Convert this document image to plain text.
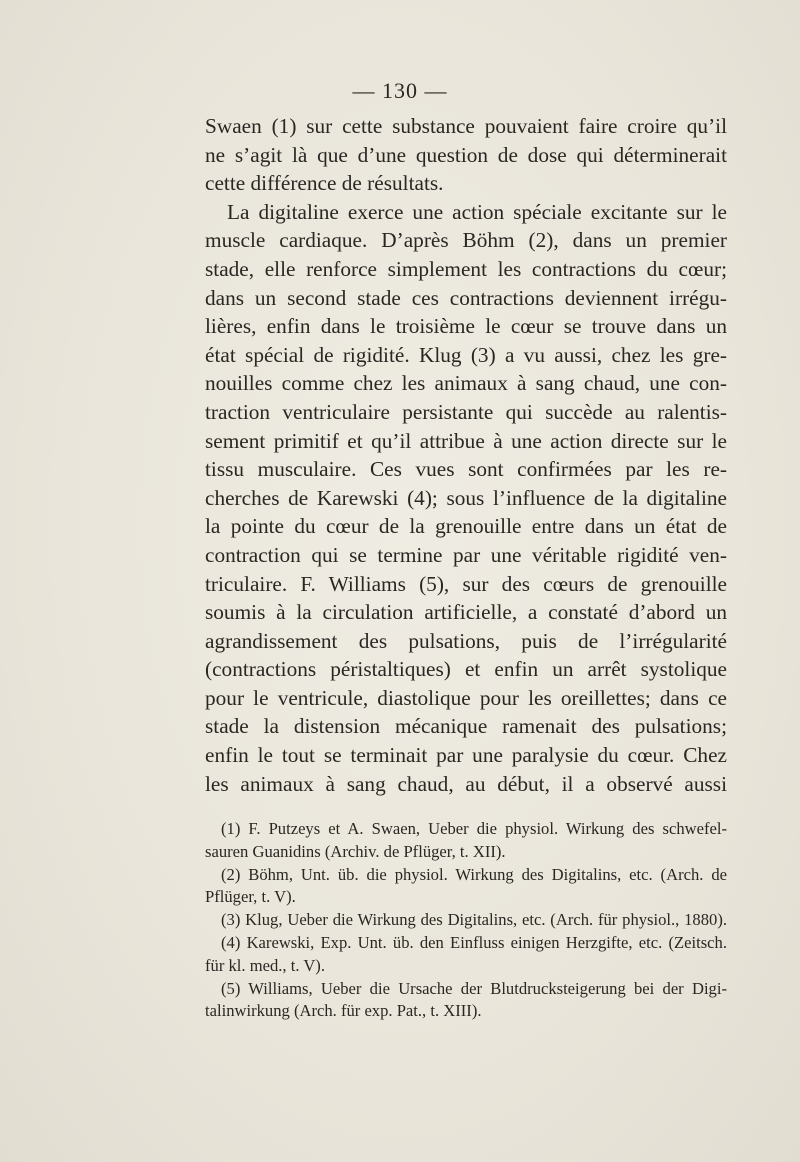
— 130 —
Swaen (1) sur cette substance pouvaient faire croire qu’il
ne s’agit là que d’une question de dose qui déterminerait
cette différence de résultats.
La digitaline exerce une action spéciale excitante sur le
muscle cardiaque. D’après Böhm (2), dans un premier
stade, elle renforce simplement les contractions du cœur;
dans un second stade ces contractions deviennent irrégu-
lières, enfin dans le troisième le cœur se trouve dans un
état spécial de rigidité. Klug (3) a vu aussi, chez les gre-
nouilles comme chez les animaux à sang chaud, une con-
traction ventriculaire persistante qui succède au ralentis-
sement primitif et qu’il attribue à une action directe sur le
tissu musculaire. Ces vues sont confirmées par les re-
cherches de Karewski (4); sous l’influence de la digitaline
la pointe du cœur de la grenouille entre dans un état de
contraction qui se termine par une véritable rigidité ven-
triculaire. F. Williams (5), sur des cœurs de grenouille
soumis à la circulation artificielle, a constaté d’abord un
agrandissement des pulsations, puis de l’irrégularité
(contractions péristaltiques) et enfin un arrêt systolique
pour le ventricule, diastolique pour les oreillettes; dans ce
stade la distension mécanique ramenait des pulsations;
enfin le tout se terminait par une paralysie du cœur. Chez
les animaux à sang chaud, au début, il a observé aussi
(1) F. Putzeys et A. Swaen, Ueber die physiol. Wirkung des schwefel-
sauren Guanidins (Archiv. de Pflüger, t. XII).
(2) Böhm, Unt. üb. die physiol. Wirkung des Digitalins, etc. (Arch. de
Pflüger, t. V).
(3) Klug, Ueber die Wirkung des Digitalins, etc. (Arch. für physiol., 1880).
(4) Karewski, Exp. Unt. üb. den Einfluss einigen Herzgifte, etc. (Zeitsch.
für kl. med., t. V).
(5) Williams, Ueber die Ursache der Blutdrucksteigerung bei der Digi-
talinwirkung (Arch. für exp. Pat., t. XIII).
